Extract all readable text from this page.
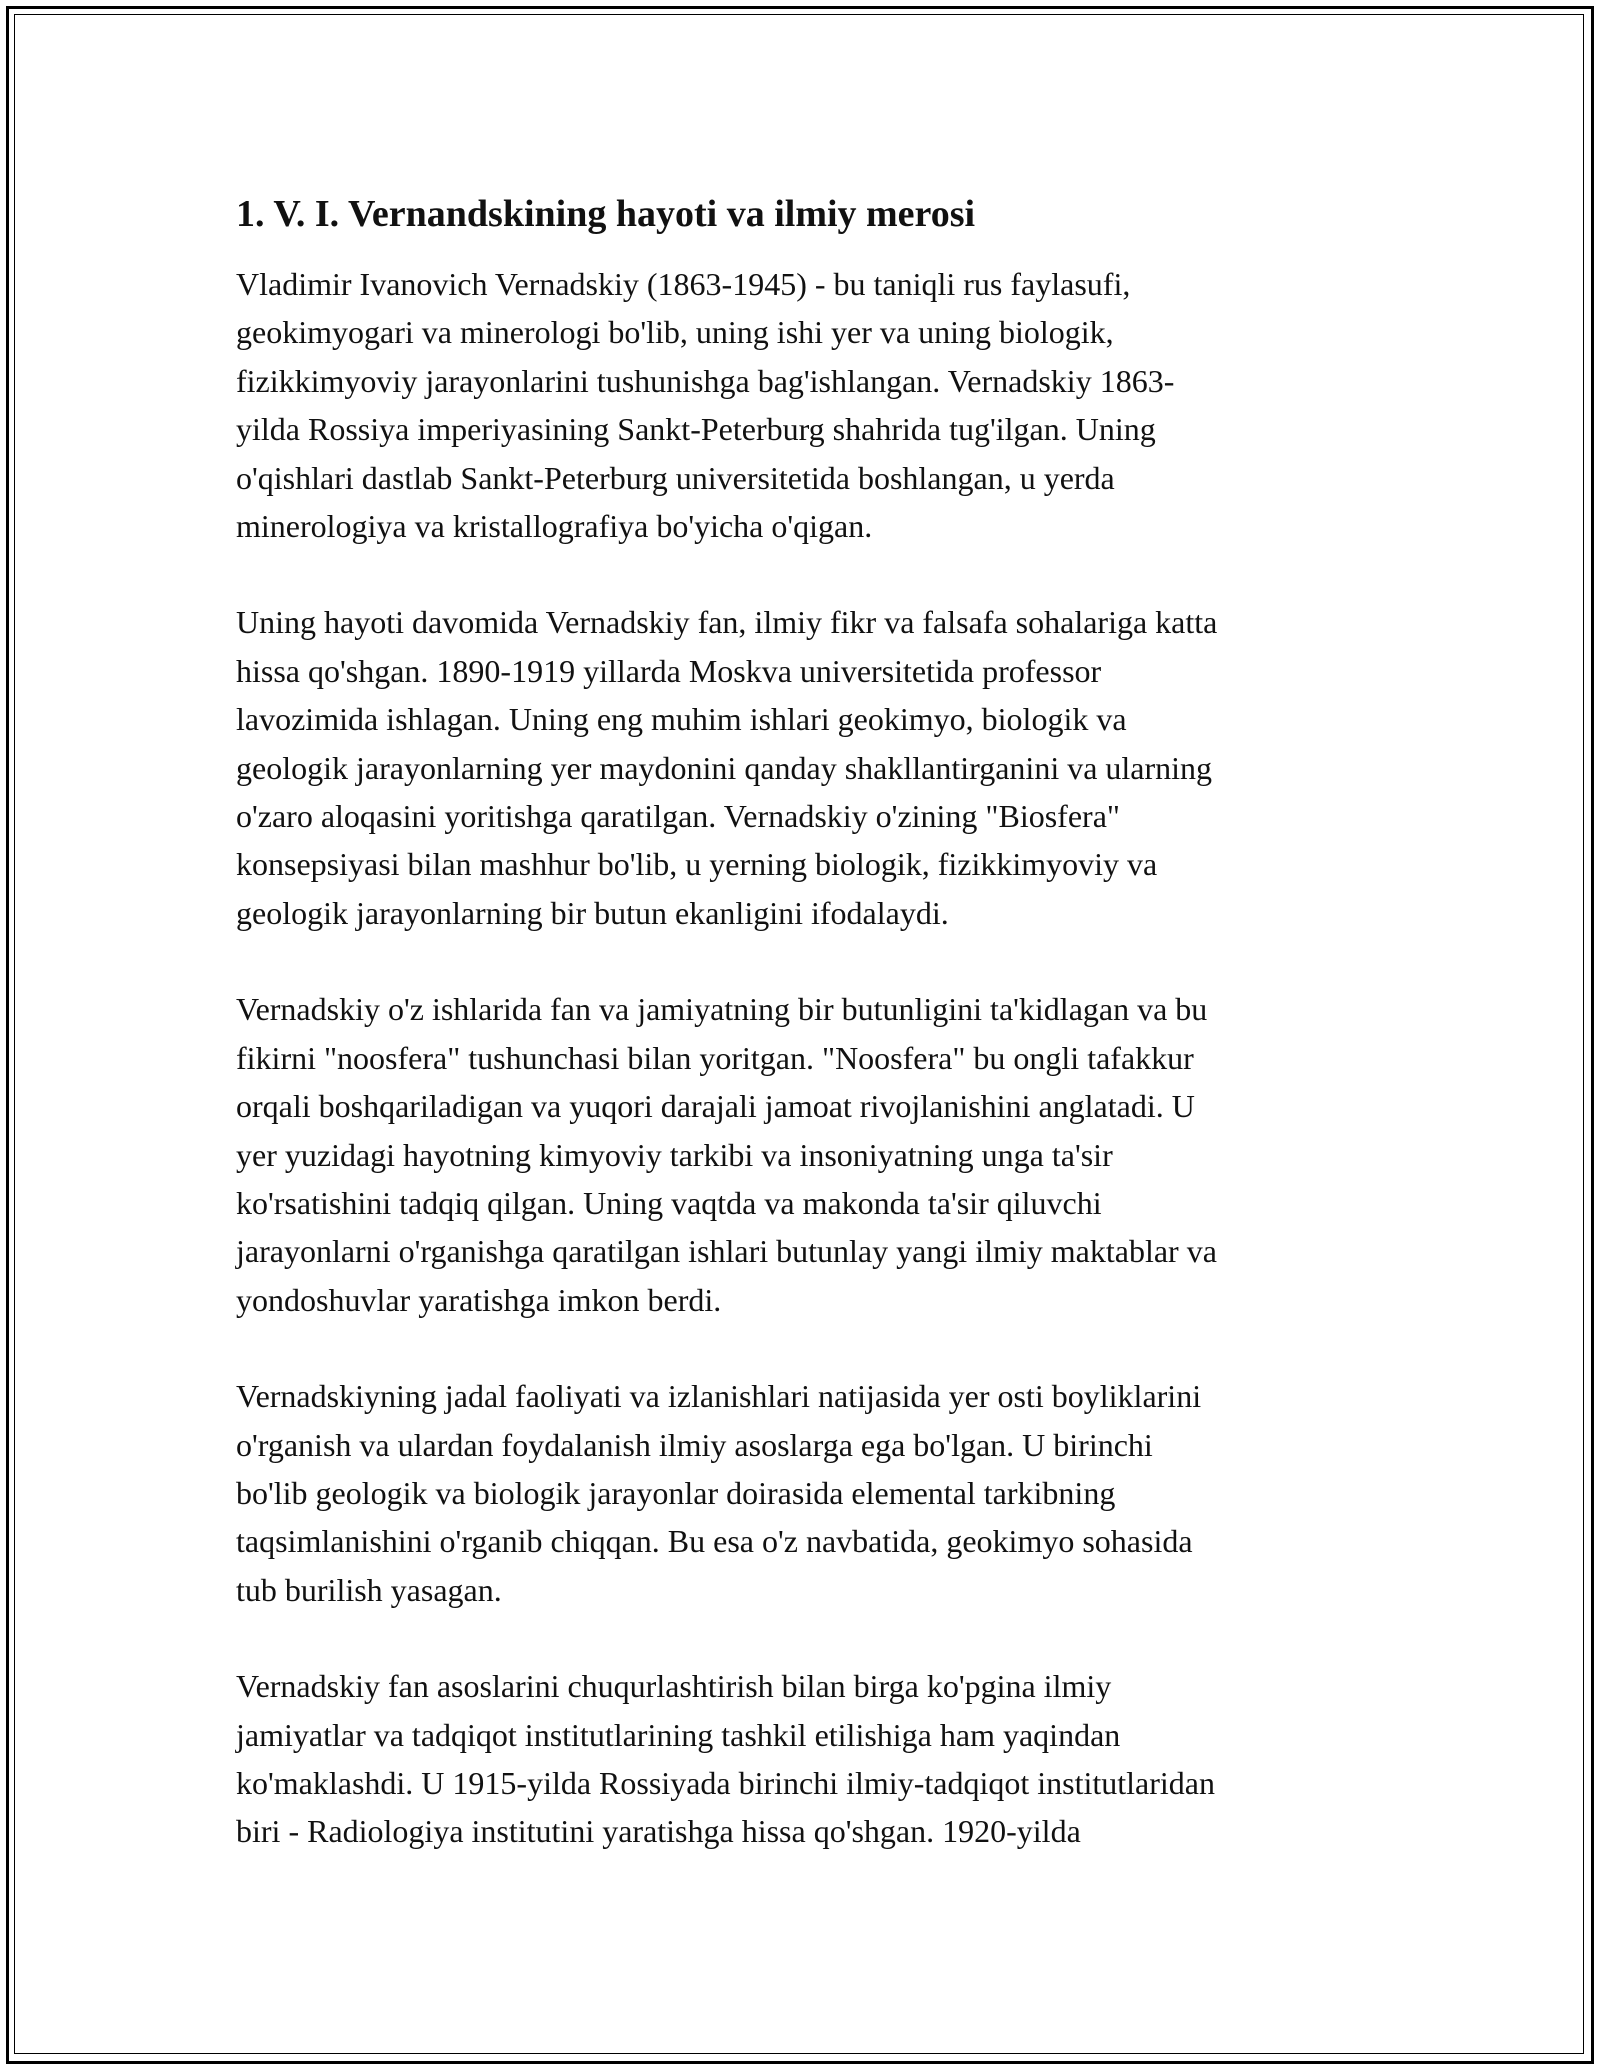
1. V. I. Vernandskining hayoti va ilmiy merosi

Vladimir Ivanovich Vernadskiy (1863-1945) - bu taniqli rus faylasufi,
geokimyogari va minerologi bo'lib, uning ishi yer va uning biologik,
fizikkimyoviy jarayonlarini tushunishga bag'ishlangan. Vernadskiy 1863-
yilda Rossiya imperiyasining Sankt-Peterburg shahrida tug'ilgan. Uning
o'qishlari dastlab Sankt-Peterburg universitetida boshlangan, u yerda
minerologiya va kristallografiya bo'yicha o'qigan.

Uning hayoti davomida Vernadskiy fan, ilmiy fikr va falsafa sohalariga katta
hissa qo'shgan. 1890-1919 yillarda Moskva universitetida professor
lavozimida ishlagan. Uning eng muhim ishlari geokimyo, biologik va
geologik jarayonlarning yer maydonini qanday shakllantirganini va ularning
o'zaro aloqasini yoritishga qaratilgan. Vernadskiy o'zining "Biosfera"
konsepsiyasi bilan mashhur bo'lib, u yerning biologik, fizikkimyoviy va
geologik jarayonlarning bir butun ekanligini ifodalaydi.

Vernadskiy o'z ishlarida fan va jamiyatning bir butunligini ta'kidlagan va bu
fikirni "noosfera" tushunchasi bilan yoritgan. "Noosfera" bu ongli tafakkur
orqali boshqariladigan va yuqori darajali jamoat rivojlanishini anglatadi. U
yer yuzidagi hayotning kimyoviy tarkibi va insoniyatning unga ta'sir
ko'rsatishini tadqiq qilgan. Uning vaqtda va makonda ta'sir qiluvchi
jarayonlarni o'rganishga qaratilgan ishlari butunlay yangi ilmiy maktablar va
yondoshuvlar yaratishga imkon berdi.

Vernadskiyning jadal faoliyati va izlanishlari natijasida yer osti boyliklarini
o'rganish va ulardan foydalanish ilmiy asoslarga ega bo'lgan. U birinchi
bo'lib geologik va biologik jarayonlar doirasida elemental tarkibning
taqsimlanishini o'rganib chiqqan. Bu esa o'z navbatida, geokimyo sohasida
tub burilish yasagan.

Vernadskiy fan asoslarini chuqurlashtirish bilan birga ko'pgina ilmiy
jamiyatlar va tadqiqot institutlarining tashkil etilishiga ham yaqindan
ko'maklashdi. U 1915-yilda Rossiyada birinchi ilmiy-tadqiqot institutlaridan
biri - Radiologiya institutini yaratishga hissa qo'shgan. 1920-yilda
